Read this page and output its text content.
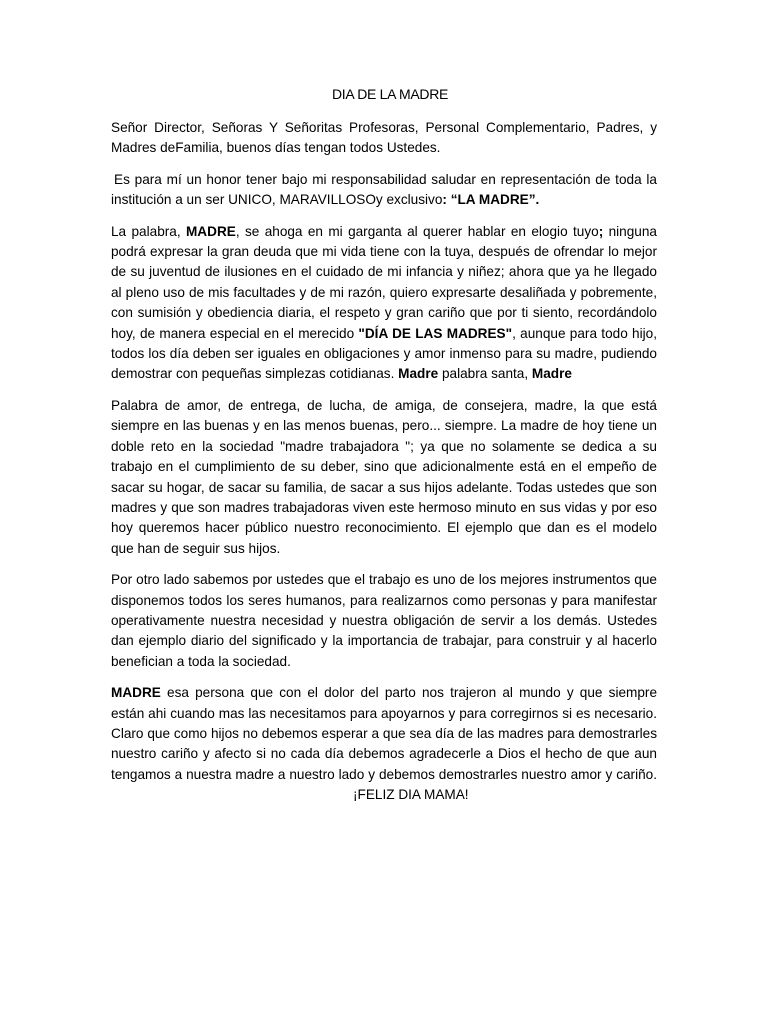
DIA DE LA MADRE

Señor Director, Señoras Y Señoritas Profesoras, Personal Complementario, Padres, y Madres deFamilia, buenos días tengan todos Ustedes.

Es para mí un honor tener bajo mi responsabilidad saludar en representación de toda la institución a un ser UNICO, MARAVILLOSOy exclusivo: “LA MADRE”.

La palabra, MADRE, se ahoga en mi garganta al querer hablar en elogio tuyo; ninguna podrá expresar la gran deuda que mi vida tiene con la tuya, después de ofrendar lo mejor de su juventud de ilusiones en el cuidado de mi infancia y niñez; ahora que ya he llegado al pleno uso de mis facultades y de mi razón, quiero expresarte desaliñada y pobremente, con sumisión y obediencia diaria, el respeto y gran cariño que por ti siento, recordándolo hoy, de manera especial en el merecido "DÍA DE LAS MADRES", aunque para todo hijo, todos los día deben ser iguales en obligaciones y amor inmenso para su madre, pudiendo demostrar con pequeñas simplezas cotidianas. Madre palabra santa, Madre

Palabra de amor, de entrega, de lucha, de amiga, de consejera, madre, la que está siempre en las buenas y en las menos buenas, pero... siempre. La madre de hoy tiene un doble reto en la sociedad "madre trabajadora "; ya que no solamente se dedica a su trabajo en el cumplimiento de su deber, sino que adicionalmente está en el empeño de sacar su hogar, de sacar su familia, de sacar a sus hijos adelante. Todas ustedes que son madres y que son madres trabajadoras viven este hermoso minuto en sus vidas y por eso hoy queremos hacer público nuestro reconocimiento. El ejemplo que dan es el modelo que han de seguir sus hijos.

Por otro lado sabemos por ustedes que el trabajo es uno de los mejores instrumentos que disponemos todos los seres humanos, para realizarnos como personas y para manifestar operativamente nuestra necesidad y nuestra obligación de servir a los demás. Ustedes dan ejemplo diario del significado y la importancia de trabajar, para construir y al hacerlo benefician a toda la sociedad.

MADRE esa persona que con el dolor del parto nos trajeron al mundo y que siempre están ahi cuando mas las necesitamos para apoyarnos y para corregirnos si es necesario. Claro que como hijos no debemos esperar a que sea día de las madres para demostrarles nuestro cariño y afecto si no cada día debemos agradecerle a Dios el hecho de que aun tengamos a nuestra madre a nuestro lado y debemos demostrarles nuestro amor y cariño.¡FELIZ DIA MAMA!
